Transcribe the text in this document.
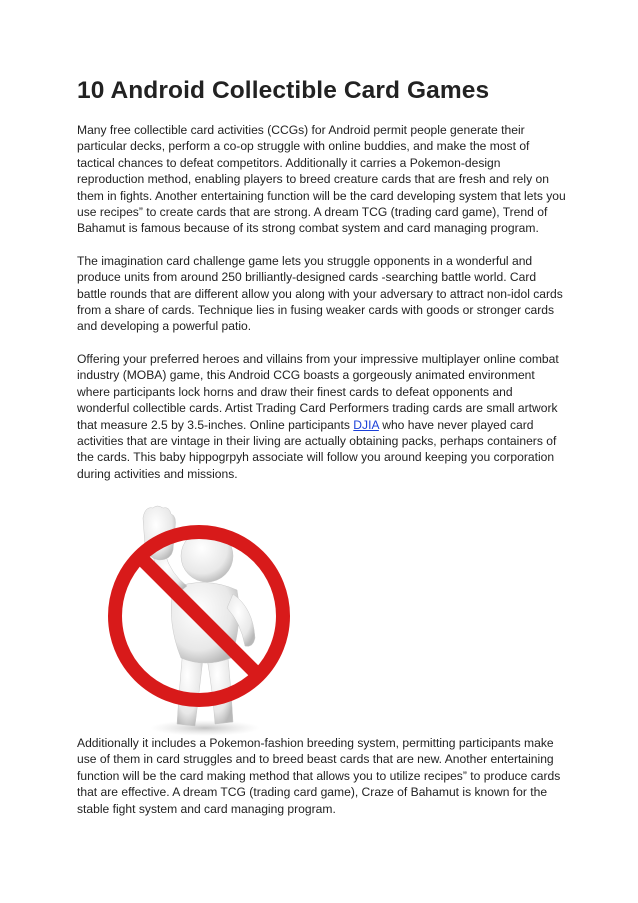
10 Android Collectible Card Games

Many free collectible card activities (CCGs) for Android permit people generate their particular decks, perform a co-op struggle with online buddies, and make the most of tactical chances to defeat competitors. Additionally it carries a Pokemon-design reproduction method, enabling players to breed creature cards that are fresh and rely on them in fights. Another entertaining function will be the card developing system that lets you use recipes” to create cards that are strong. A dream TCG (trading card game), Trend of Bahamut is famous because of its strong combat system and card managing program.

The imagination card challenge game lets you struggle opponents in a wonderful and produce units from around 250 brilliantly-designed cards -searching battle world. Card battle rounds that are different allow you along with your adversary to attract non-idol cards from a share of cards. Technique lies in fusing weaker cards with goods or stronger cards and developing a powerful patio.

Offering your preferred heroes and villains from your impressive multiplayer online combat industry (MOBA) game, this Android CCG boasts a gorgeously animated environment where participants lock horns and draw their finest cards to defeat opponents and wonderful collectible cards. Artist Trading Card Performers trading cards are small artwork that measure 2.5 by 3.5-inches. Online participants DJIA who have never played card activities that are vintage in their living are actually obtaining packs, perhaps containers of the cards. This baby hippogrpyh associate will follow you around keeping you corporation during activities and missions.

Additionally it includes a Pokemon-fashion breeding system, permitting participants make use of them in card struggles and to breed beast cards that are new. Another entertaining function will be the card making method that allows you to utilize recipes” to produce cards that are effective. A dream TCG (trading card game), Craze of Bahamut is known for the stable fight system and card managing program.
